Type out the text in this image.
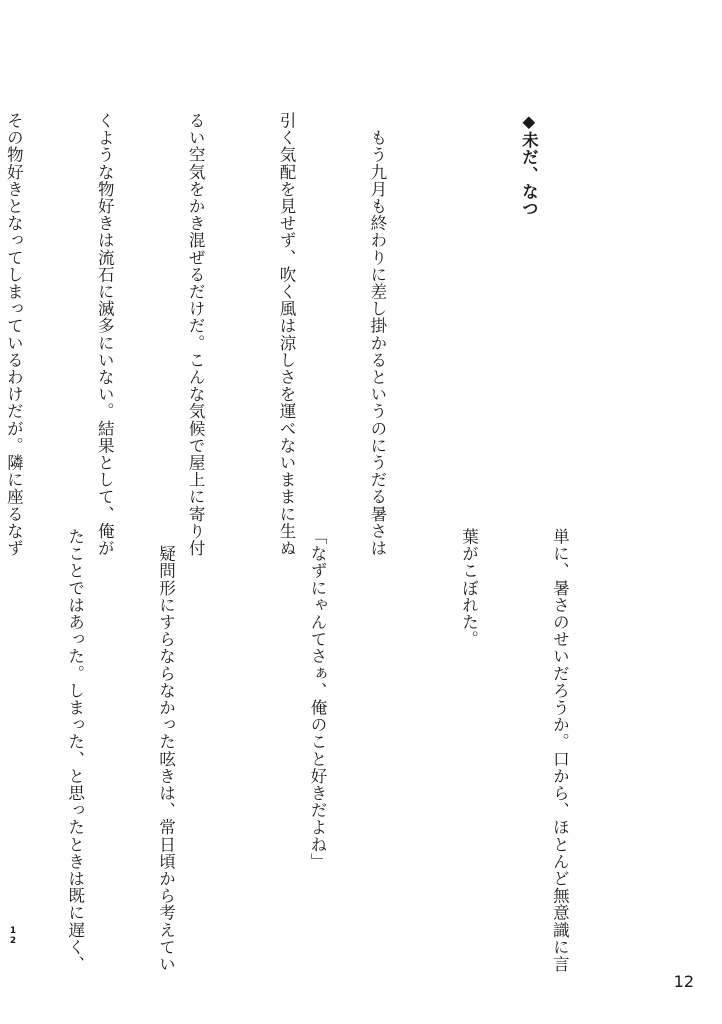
◆未だ、なつ

　もう九月も終わりに差し掛かるというのにうだる暑さは

引く気配を見せず、吹く風は涼しさを運べないままに生ぬ

るい空気をかき混ぜるだけだ。こんな気候で屋上に寄り付

くような物好きは流石に滅多にいない。結果として、俺が

その物好きとなってしまっているわけだが。隣に座るなず

単に、暑さのせいだろうか。口から、ほとんど無意識に言

葉がこぼれた。

「なずにゃんてさぁ、俺のこと好きだよね」

　疑問形にすらならなかった呟きは、常日頃から考えてい

たことではあった。しまった、と思ったときは既に遅く、

12
12
